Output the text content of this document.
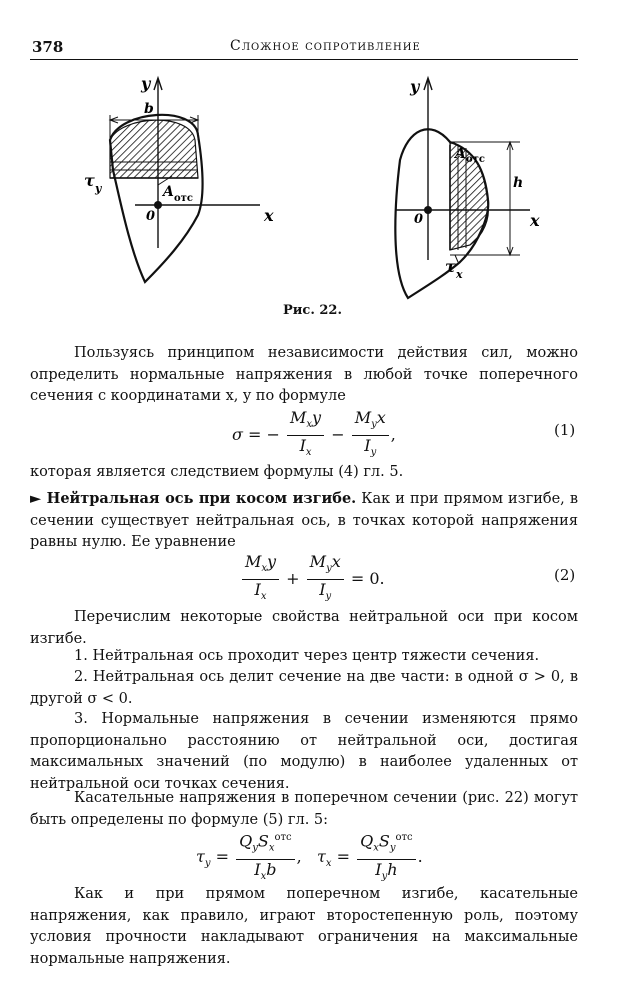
378	Сложное сопротивление
y
b
τ y	A отс
0	x
y
A отс
h
τ x
0	x
Рис. 22.
Пользуясь принципом независимости действия сил, можно определить нормальные напряжения в любой точке поперечного сечения с координатами x, y по формуле
σ = − $\frac{M_xy}{I_x} - \frac{M_yx}{I_y}$ ,	(1)
которая является следствием формулы (4) гл. 5.
► Нейтральная ось при косом изгибе. Как и при прямом изгибе, в сечении существует нейтральная ось, в точках которой напряжения равны нулю. Ее уравнение
$\frac{M_xy}{I_x} + \frac{M_yx}{I_y} = 0$.	(2)
Перечислим некоторые свойства нейтральной оси при косом изгибе.
1. Нейтральная ось проходит через центр тяжести сечения.
2. Нейтральная ось делит сечение на две части: в одной σ > 0, в другой σ < 0.
3. Нормальные напряжения в сечении изменяются прямо пропорционально расстоянию от нейтральной оси, достигая максимальных значений (по модулю) в наиболее удаленных от нейтральной оси точках сечения.
Касательные напряжения в поперечном сечении (рис. 22) могут быть определены по формуле (5) гл. 5:
$\tau_y = \frac{Q_yS_x^{отс}}{I_xb}$ , $\tau_x = \frac{Q_xS_y^{отс}}{I_yh}$ .
Как и при прямом поперечном изгибе, касательные напряжения, как правило, играют второстепенную роль, поэтому условия прочности накладывают ограничения на максимальные нормальные напряжения.
